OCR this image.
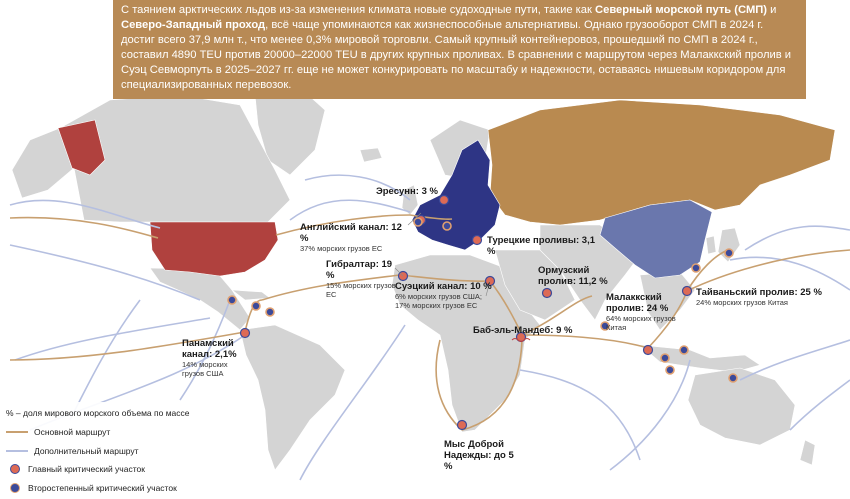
С таянием арктических льдов из-за изменения климата новые судоходные пути, такие как Северный морской путь (СМП) и Северо-Западный проход, всё чаще упоминаются как жизнеспособные альтернативы. Однако грузооборот СМП в 2024 г. достиг всего 37,9 млн т., что менее 0,3% мировой торговли. Самый крупный контейнеровоз, прошедший по СМП в 2024 г., составил 4890 TEU против 20000–22000 TEU в других крупных проливах. В сравнении с маршрутом через Малаккский пролив и Суэц Севморпуть в 2025–2027 гг. еще не может конкурировать по масштабу и надежности, оставаясь нишевым коридором для специализированных перевозок.
Эресунн: 3 %
Английский канал: 12 %
37% морских грузов ЕС
Гибралтар: 19 %
15% морских грузов ЕС
Суэцкий канал: 10 %
6% морских грузов США; 17% морских грузов ЕС
Турецкие проливы: 3,1 %
Ормузский пролив: 11,2 %
Баб-эль-Мандеб: 9 %
Малаккский пролив: 24 %
64% морских грузов Китая
Тайваньский пролив: 25 %
24% морских грузов Китая
Панамский канал: 2,1%
14% морских грузов США
Мыс Доброй Надежды: до 5 %
% – доля мирового морского объема по массе
Основной маршрут
Дополнительный маршрут
Главный критический участок
Второстепенный критический участок
